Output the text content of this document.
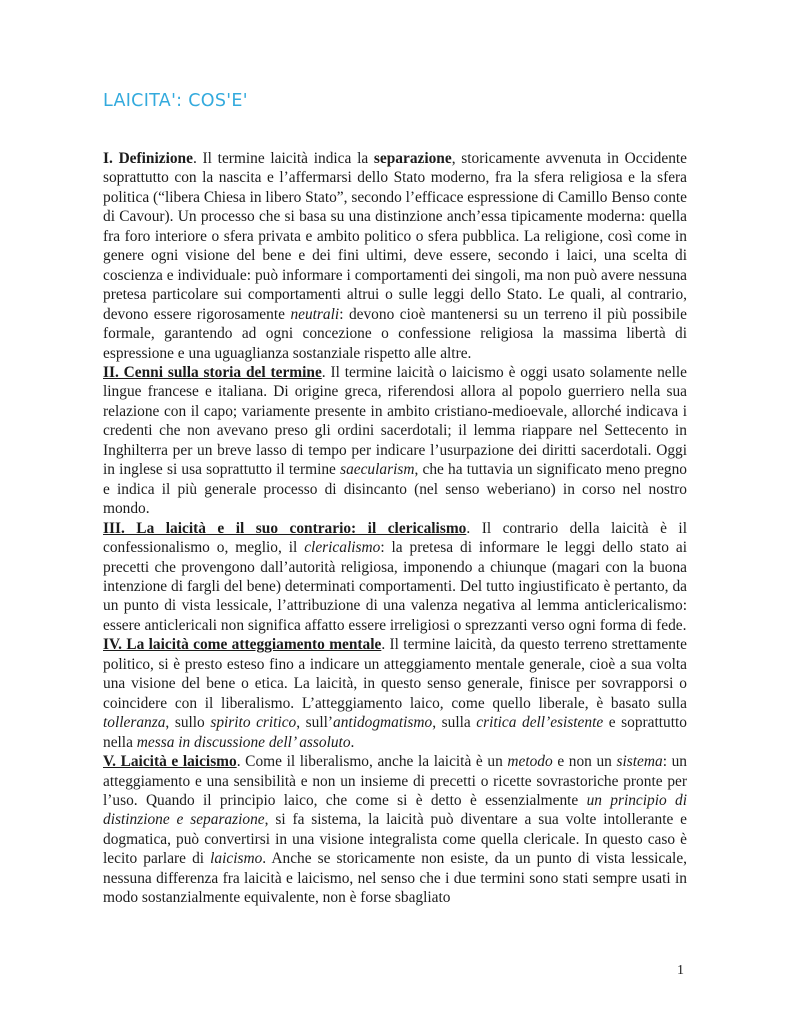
LAICITA': COS'E'

I. Definizione. Il termine laicità indica la separazione, storicamente avvenuta in Occidente soprattutto con la nascita e l’affermarsi dello Stato moderno, fra la sfera religiosa e la sfera politica (“libera Chiesa in libero Stato”, secondo l’efficace espressione di Camillo Benso conte di Cavour). Un processo che si basa su una distinzione anch’essa tipicamente moderna: quella fra foro interiore o sfera privata e ambito politico o sfera pubblica. La religione, così come in genere ogni visione del bene e dei fini ultimi, deve essere, secondo i laici, una scelta di coscienza e individuale: può informare i comportamenti dei singoli, ma non può avere nessuna pretesa particolare sui comportamenti altrui o sulle leggi dello Stato. Le quali, al contrario, devono essere rigorosamente neutrali: devono cioè mantenersi su un terreno il più possibile formale, garantendo ad ogni concezione o confessione religiosa la massima libertà di espressione e una uguaglianza sostanziale rispetto alle altre.

II. Cenni sulla storia del termine. Il termine laicità o laicismo è oggi usato solamente nelle lingue francese e italiana. Di origine greca, riferendosi allora al popolo guerriero nella sua relazione con il capo; variamente presente in ambito cristiano-medioevale, allorché indicava i credenti che non avevano preso gli ordini sacerdotali; il lemma riappare nel Settecento in Inghilterra per un breve lasso di tempo per indicare l’usurpazione dei diritti sacerdotali. Oggi in inglese si usa soprattutto il termine saecularism, che ha tuttavia un significato meno pregno e indica il più generale processo di disincanto (nel senso weberiano) in corso nel nostro mondo.

III. La laicità e il suo contrario: il clericalismo. Il contrario della laicità è il confessionalismo o, meglio, il clericalismo: la pretesa di informare le leggi dello stato ai precetti che provengono dall’autorità religiosa, imponendo a chiunque (magari con la buona intenzione di fargli del bene) determinati comportamenti. Del tutto ingiustificato è pertanto, da un punto di vista lessicale, l’attribuzione di una valenza negativa al lemma anticlericalismo: essere anticlericali non significa affatto essere irreligiosi o sprezzanti verso ogni forma di fede.

IV. La laicità come atteggiamento mentale. Il termine laicità, da questo terreno strettamente politico, si è presto esteso fino a indicare un atteggiamento mentale generale, cioè a sua volta una visione del bene o etica. La laicità, in questo senso generale, finisce per sovrapporsi o coincidere con il liberalismo. L’atteggiamento laico, come quello liberale, è basato sulla tolleranza, sullo spirito critico, sull’antidogmatismo, sulla critica dell’esistente e soprattutto nella messa in discussione dell’ assoluto.

V. Laicità e laicismo. Come il liberalismo, anche la laicità è un metodo e non un sistema: un atteggiamento e una sensibilità e non un insieme di precetti o ricette sovrastoriche pronte per l’uso. Quando il principio laico, che come si è detto è essenzialmente un principio di distinzione e separazione, si fa sistema, la laicità può diventare a sua volte intollerante e dogmatica, può convertirsi in una visione integralista come quella clericale. In questo caso è lecito parlare di laicismo. Anche se storicamente non esiste, da un punto di vista lessicale, nessuna differenza fra laicità e laicismo, nel senso che i due termini sono stati sempre usati in modo sostanzialmente equivalente, non è forse sbagliato

1
